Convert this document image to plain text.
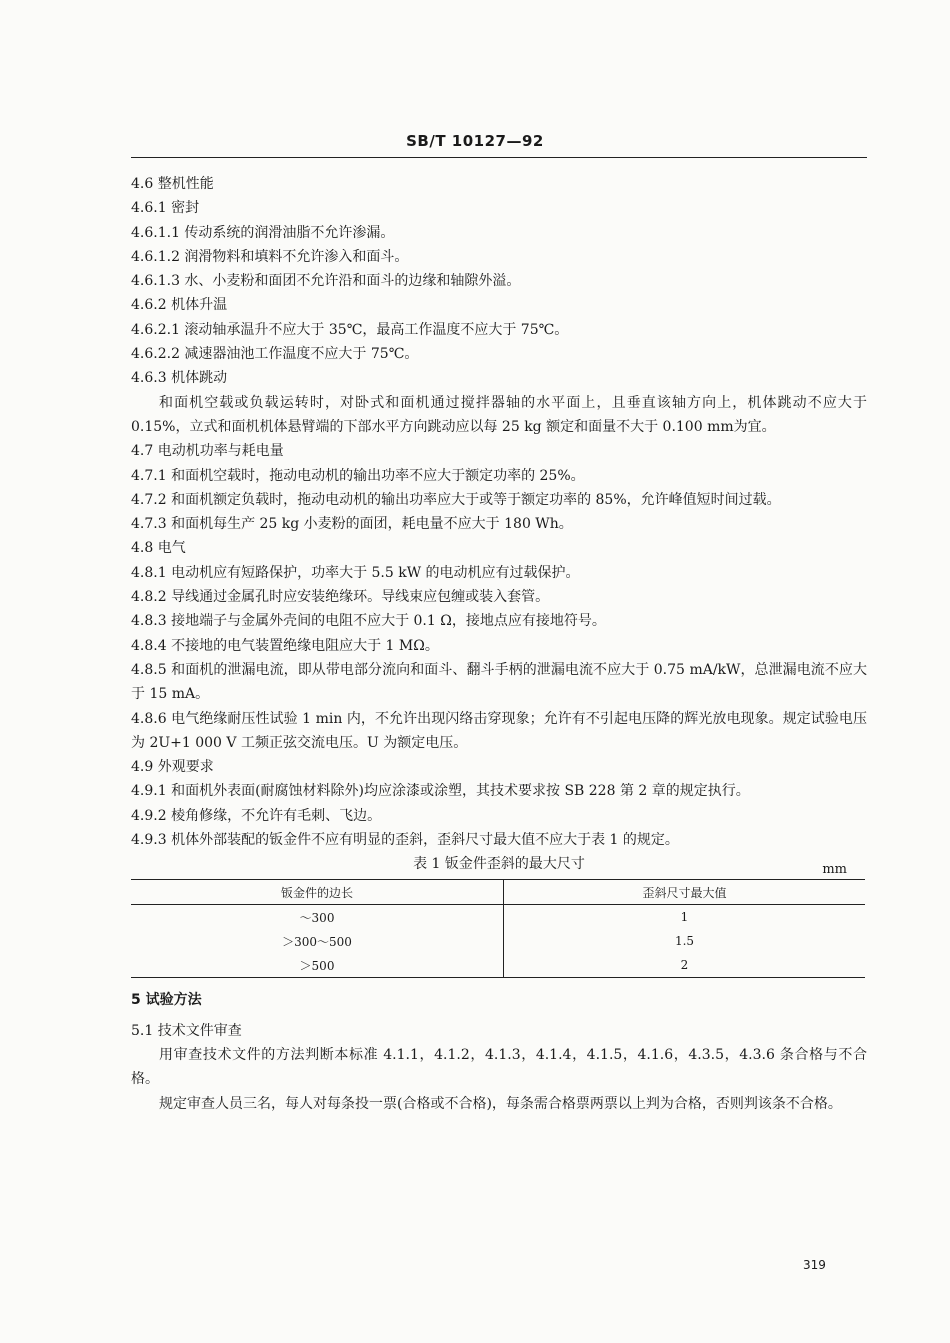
SB/T 10127—92
4.6 整机性能
4.6.1 密封
4.6.1.1 传动系统的润滑油脂不允许渗漏。
4.6.1.2 润滑物料和填料不允许渗入和面斗。
4.6.1.3 水、小麦粉和面团不允许沿和面斗的边缘和轴隙外溢。
4.6.2 机体升温
4.6.2.1 滚动轴承温升不应大于 35℃，最高工作温度不应大于 75℃。
4.6.2.2 减速器油池工作温度不应大于 75℃。
4.6.3 机体跳动
和面机空载或负载运转时，对卧式和面机通过搅拌器轴的水平面上，且垂直该轴方向上，机体跳动不应大于 0.15%，立式和面机机体悬臂端的下部水平方向跳动应以每 25 kg 额定和面量不大于 0.100 mm为宜。
4.7 电动机功率与耗电量
4.7.1 和面机空载时，拖动电动机的输出功率不应大于额定功率的 25%。
4.7.2 和面机额定负载时，拖动电动机的输出功率应大于或等于额定功率的 85%，允许峰值短时间过载。
4.7.3 和面机每生产 25 kg 小麦粉的面团，耗电量不应大于 180 Wh。
4.8 电气
4.8.1 电动机应有短路保护，功率大于 5.5 kW 的电动机应有过载保护。
4.8.2 导线通过金属孔时应安装绝缘环。导线束应包缠或装入套管。
4.8.3 接地端子与金属外壳间的电阻不应大于 0.1 Ω，接地点应有接地符号。
4.8.4 不接地的电气装置绝缘电阻应大于 1 MΩ。
4.8.5 和面机的泄漏电流，即从带电部分流向和面斗、翻斗手柄的泄漏电流不应大于 0.75 mA/kW，总泄漏电流不应大于 15 mA。
4.8.6 电气绝缘耐压性试验 1 min 内，不允许出现闪络击穿现象；允许有不引起电压降的辉光放电现象。规定试验电压为 2U+1 000 V 工频正弦交流电压。U 为额定电压。
4.9 外观要求
4.9.1 和面机外表面(耐腐蚀材料除外)均应涂漆或涂塑，其技术要求按 SB 228 第 2 章的规定执行。
4.9.2 棱角修缘，不允许有毛刺、飞边。
4.9.3 机体外部装配的钣金件不应有明显的歪斜，歪斜尺寸最大值不应大于表 1 的规定。
表 1 钣金件歪斜的最大尺寸	mm
钣金件的边长	歪斜尺寸最大值
～300	1
＞300～500	1.5
＞500	2
5 试验方法
5.1 技术文件审查
用审查技术文件的方法判断本标准 4.1.1，4.1.2，4.1.3，4.1.4，4.1.5，4.1.6，4.3.5，4.3.6 条合格与不合格。
规定审查人员三名，每人对每条投一票(合格或不合格)，每条需合格票两票以上判为合格，否则判该条不合格。
319
